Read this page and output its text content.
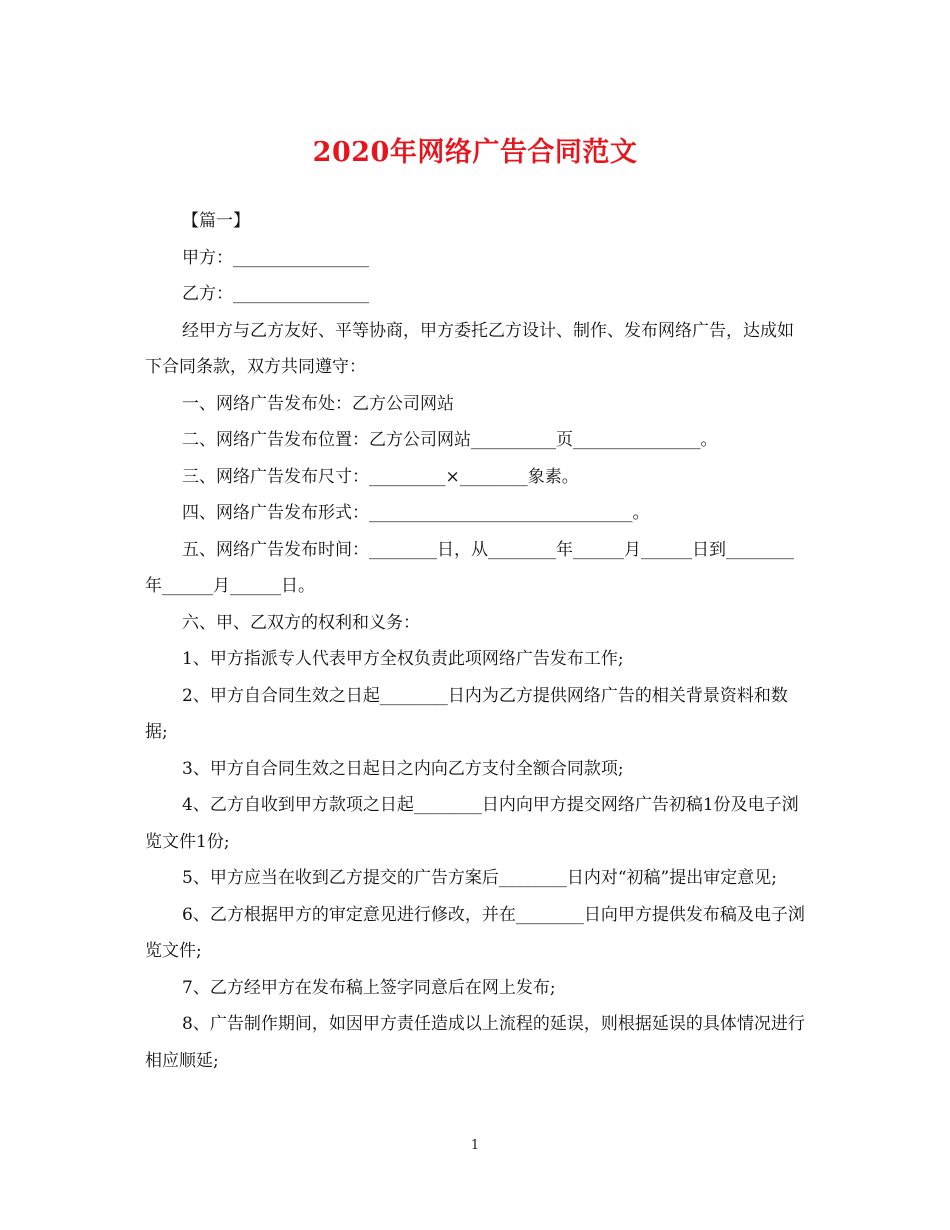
2020年网络广告合同范文

【篇一】

甲方：________________

乙方：________________

经甲方与乙方友好、平等协商，甲方委托乙方设计、制作、发布网络广告，达成如下合同条款，双方共同遵守：

一、网络广告发布处：乙方公司网站

二、网络广告发布位置：乙方公司网站__________页_______________。

三、网络广告发布尺寸：_________×________象素。

四、网络广告发布形式：_______________________________。

五、网络广告发布时间：________日，从________年______月______日到________年______月______日。

六、甲、乙双方的权利和义务：

1、甲方指派专人代表甲方全权负责此项网络广告发布工作;

2、甲方自合同生效之日起________日内为乙方提供网络广告的相关背景资料和数据;

3、甲方自合同生效之日起日之内向乙方支付全额合同款项;

4、乙方自收到甲方款项之日起________日内向甲方提交网络广告初稿1份及电子浏览文件1份;

5、甲方应当在收到乙方提交的广告方案后________日内对“初稿”提出审定意见;

6、乙方根据甲方的审定意见进行修改，并在________日向甲方提供发布稿及电子浏览文件;

7、乙方经甲方在发布稿上签字同意后在网上发布;

8、广告制作期间，如因甲方责任造成以上流程的延误，则根据延误的具体情况进行相应顺延;

1
